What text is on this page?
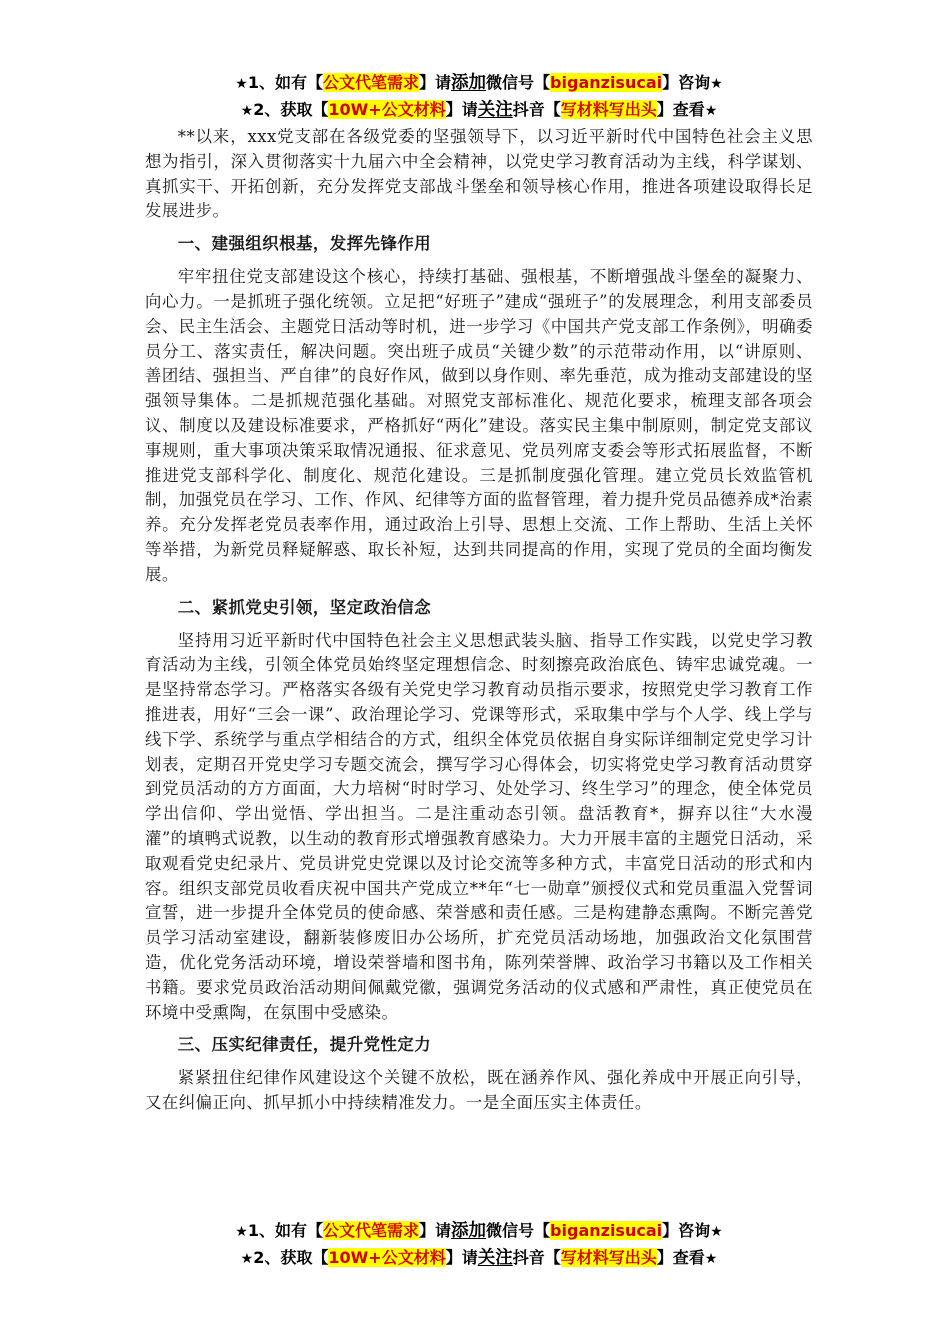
★1、如有【公文代笔需求】请添加微信号【biganzisucai】咨询★
★2、获取【10W+公文材料】请关注抖音【写材料写出头】查看★

**以来，xxx党支部在各级党委的坚强领导下，以习近平新时代中国特色社会主义思想为指引，深入贯彻落实十九届六中全会精神，以党史学习教育活动为主线，科学谋划、真抓实干、开拓创新，充分发挥党支部战斗堡垒和领导核心作用，推进各项建设取得长足发展进步。

一、建强组织根基，发挥先锋作用

牢牢扭住党支部建设这个核心，持续打基础、强根基，不断增强战斗堡垒的凝聚力、向心力。一是抓班子强化统领。立足把“好班子”建成“强班子”的发展理念，利用支部委员会、民主生活会、主题党日活动等时机，进一步学习《中国共产党支部工作条例》，明确委员分工、落实责任，解决问题。突出班子成员“关键少数”的示范带动作用，以“讲原则、善团结、强担当、严自律”的良好作风，做到以身作则、率先垂范，成为推动支部建设的坚强领导集体。二是抓规范强化基础。对照党支部标准化、规范化要求，梳理支部各项会议、制度以及建设标准要求，严格抓好“两化”建设。落实民主集中制原则，制定党支部议事规则，重大事项决策采取情况通报、征求意见、党员列席支委会等形式拓展监督，不断推进党支部科学化、制度化、规范化建设。三是抓制度强化管理。建立党员长效监管机制，加强党员在学习、工作、作风、纪律等方面的监督管理，着力提升党员品德养成*治素养。充分发挥老党员表率作用，通过政治上引导、思想上交流、工作上帮助、生活上关怀等举措，为新党员释疑解惑、取长补短，达到共同提高的作用，实现了党员的全面均衡发展。

二、紧抓党史引领，坚定政治信念

坚持用习近平新时代中国特色社会主义思想武装头脑、指导工作实践，以党史学习教育活动为主线，引领全体党员始终坚定理想信念、时刻擦亮政治底色、铸牢忠诚党魂。一是坚持常态学习。严格落实各级有关党史学习教育动员指示要求，按照党史学习教育工作推进表，用好“三会一课”、政治理论学习、党课等形式，采取集中学与个人学、线上学与线下学、系统学与重点学相结合的方式，组织全体党员依据自身实际详细制定党史学习计划表，定期召开党史学习专题交流会，撰写学习心得体会，切实将党史学习教育活动贯穿到党员活动的方方面面，大力培树“时时学习、处处学习、终生学习”的理念，使全体党员学出信仰、学出觉悟、学出担当。二是注重动态引领。盘活教育*，摒弃以往“大水漫灌”的填鸭式说教，以生动的教育形式增强教育感染力。大力开展丰富的主题党日活动，采取观看党史纪录片、党员讲党史党课以及讨论交流等多种方式，丰富党日活动的形式和内容。组织支部党员收看庆祝中国共产党成立**年“七一勋章”颁授仪式和党员重温入党誓词宣誓，进一步提升全体党员的使命感、荣誉感和责任感。三是构建静态熏陶。不断完善党员学习活动室建设，翻新装修废旧办公场所，扩充党员活动场地，加强政治文化氛围营造，优化党务活动环境，增设荣誉墙和图书角，陈列荣誉牌、政治学习书籍以及工作相关书籍。要求党员政治活动期间佩戴党徽，强调党务活动的仪式感和严肃性，真正使党员在环境中受熏陶，在氛围中受感染。

三、压实纪律责任，提升党性定力

紧紧扭住纪律作风建设这个关键不放松，既在涵养作风、强化养成中开展正向引导，又在纠偏正向、抓早抓小中持续精准发力。一是全面压实主体责任。

★1、如有【公文代笔需求】请添加微信号【biganzisucai】咨询★
★2、获取【10W+公文材料】请关注抖音【写材料写出头】查看★
